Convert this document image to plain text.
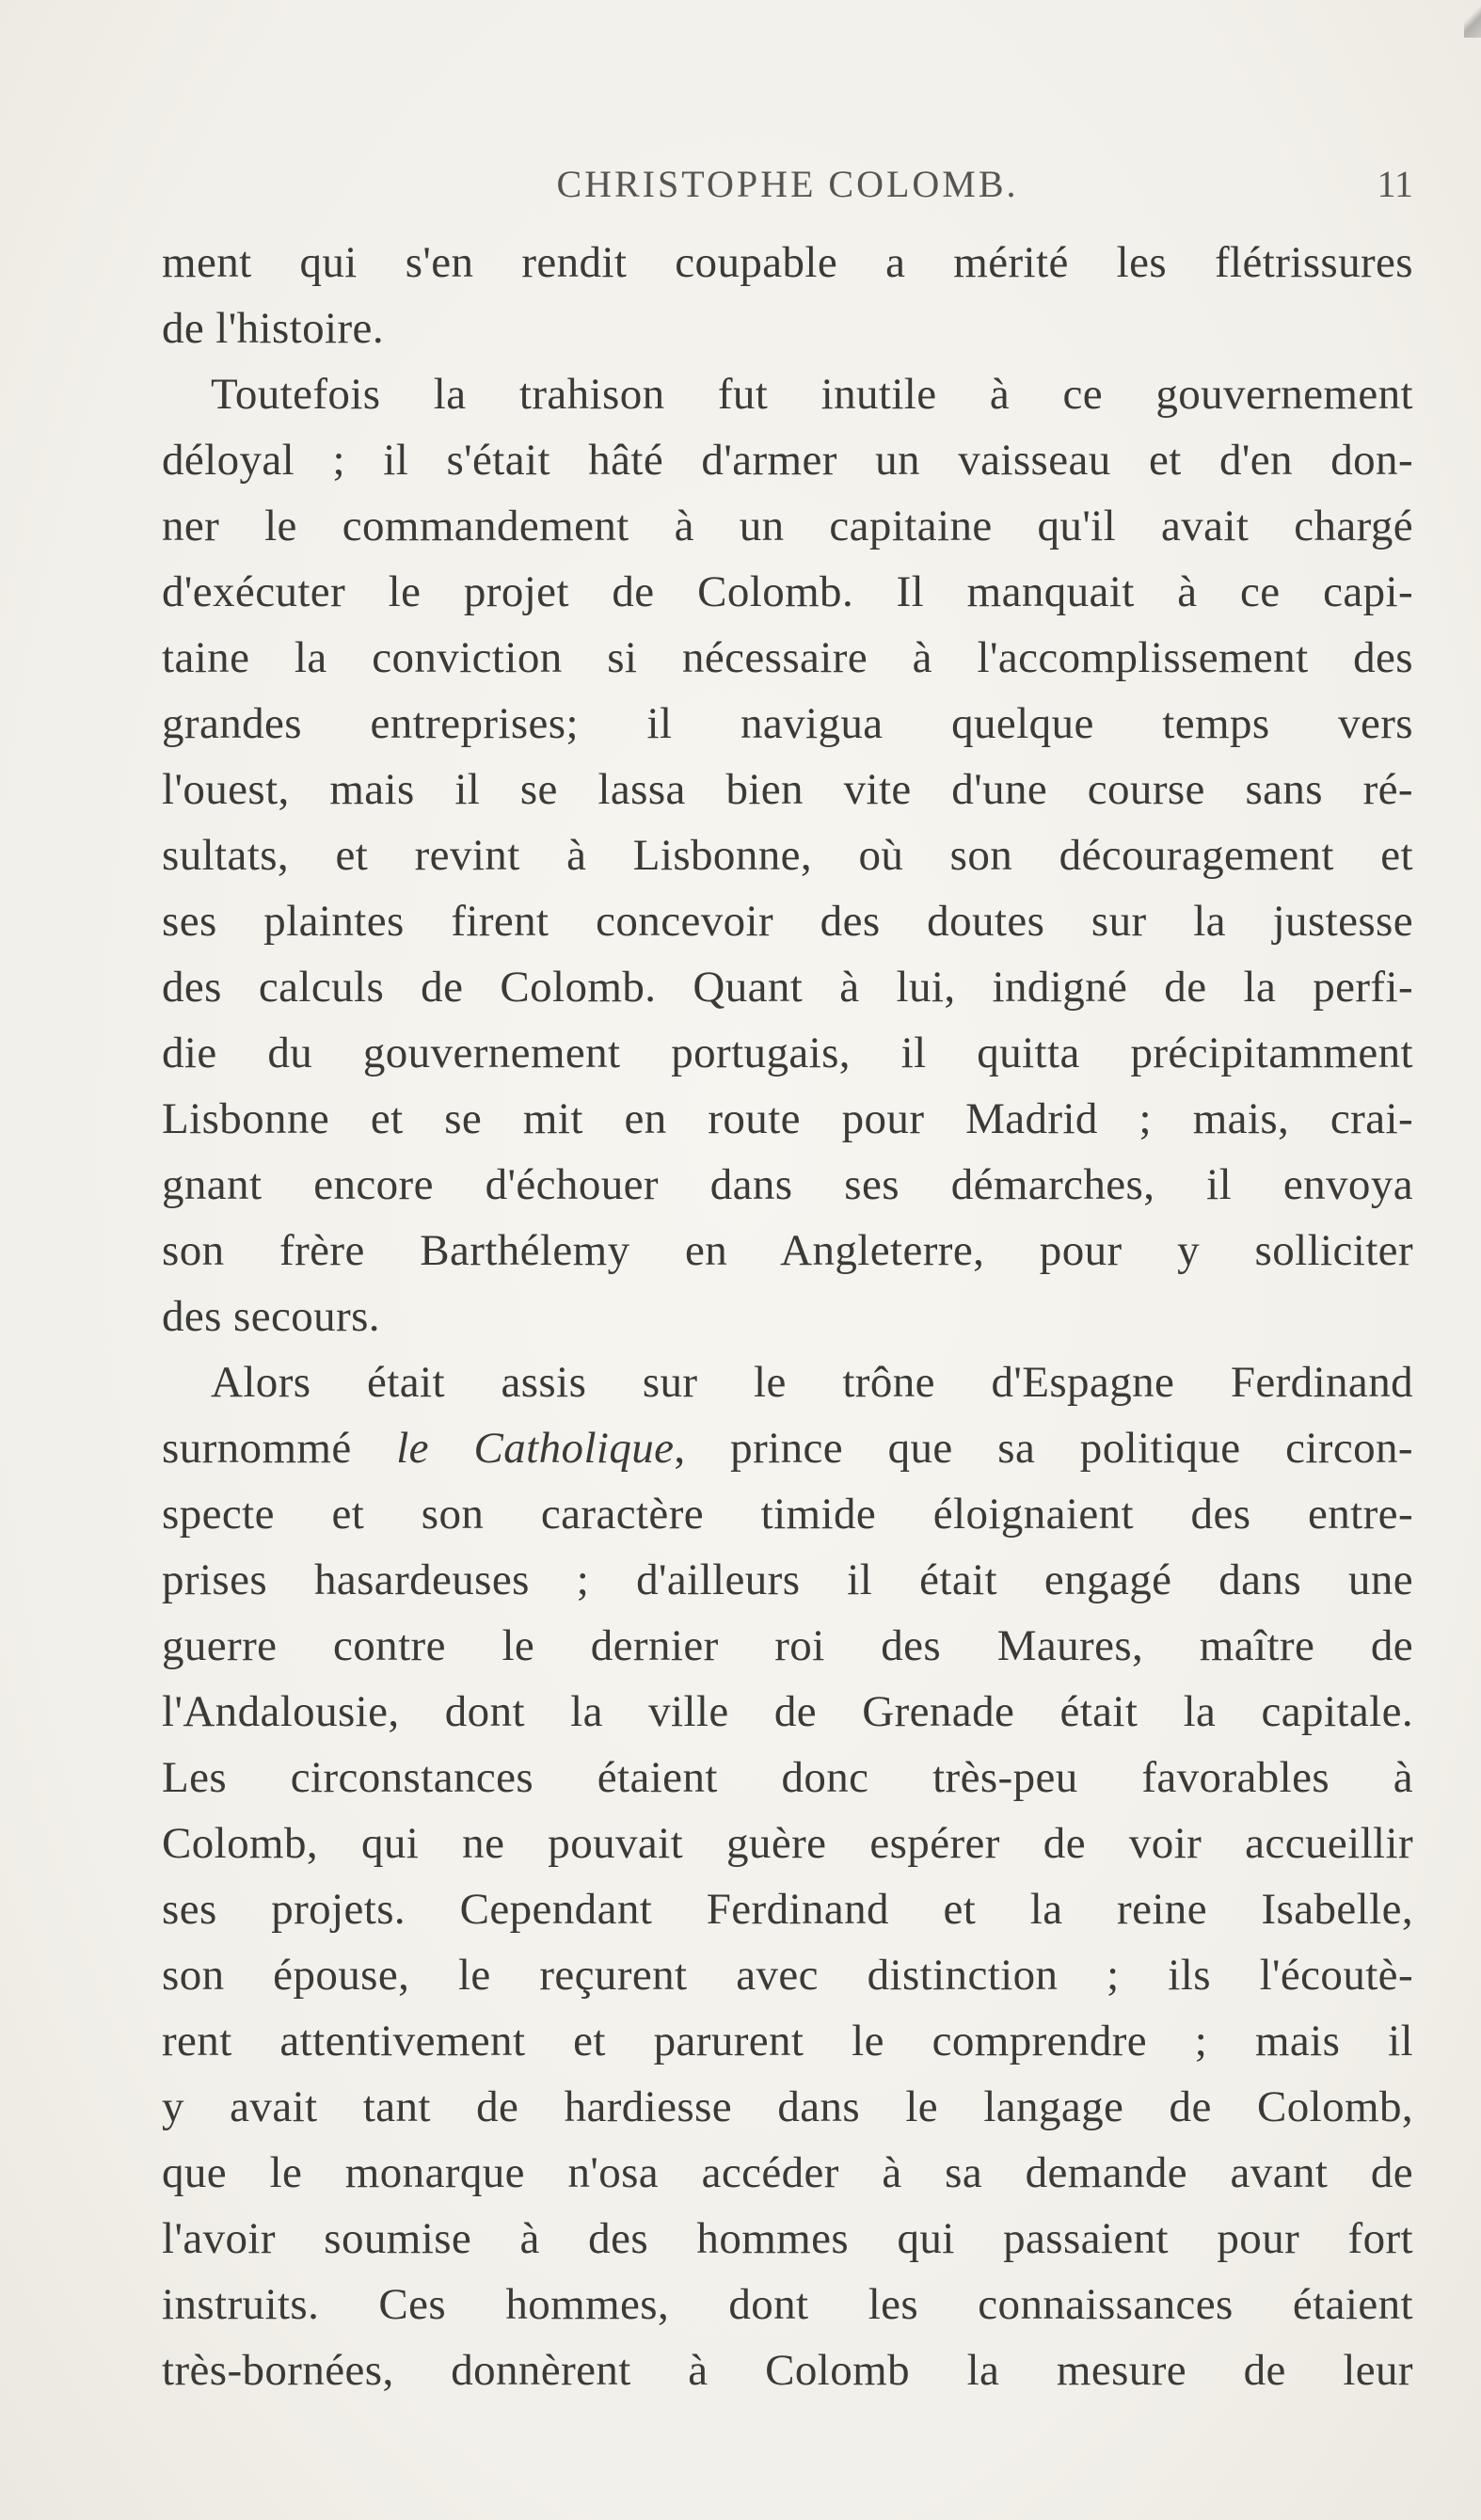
CHRISTOPHE COLOMB.	11
ment qui s'en rendit coupable a mérité les flétrissures
de l'histoire.
Toutefois la trahison fut inutile à ce gouvernement
déloyal ; il s'était hâté d'armer un vaisseau et d'en don-
ner le commandement à un capitaine qu'il avait chargé
d'exécuter le projet de Colomb. Il manquait à ce capi-
taine la conviction si nécessaire à l'accomplissement des
grandes entreprises; il navigua quelque temps vers
l'ouest, mais il se lassa bien vite d'une course sans ré-
sultats, et revint à Lisbonne, où son découragement et
ses plaintes firent concevoir des doutes sur la justesse
des calculs de Colomb. Quant à lui, indigné de la perfi-
die du gouvernement portugais, il quitta précipitamment
Lisbonne et se mit en route pour Madrid ; mais, crai-
gnant encore d'échouer dans ses démarches, il envoya
son frère Barthélemy en Angleterre, pour y solliciter
des secours.
Alors était assis sur le trône d'Espagne Ferdinand
surnommé le Catholique, prince que sa politique circon-
specte et son caractère timide éloignaient des entre-
prises hasardeuses ; d'ailleurs il était engagé dans une
guerre contre le dernier roi des Maures, maître de
l'Andalousie, dont la ville de Grenade était la capitale.
Les circonstances étaient donc très-peu favorables à
Colomb, qui ne pouvait guère espérer de voir accueillir
ses projets. Cependant Ferdinand et la reine Isabelle,
son épouse, le reçurent avec distinction ; ils l'écoutè-
rent attentivement et parurent le comprendre ; mais il
y avait tant de hardiesse dans le langage de Colomb,
que le monarque n'osa accéder à sa demande avant de
l'avoir soumise à des hommes qui passaient pour fort
instruits. Ces hommes, dont les connaissances étaient
très-bornées, donnèrent à Colomb la mesure de leur
